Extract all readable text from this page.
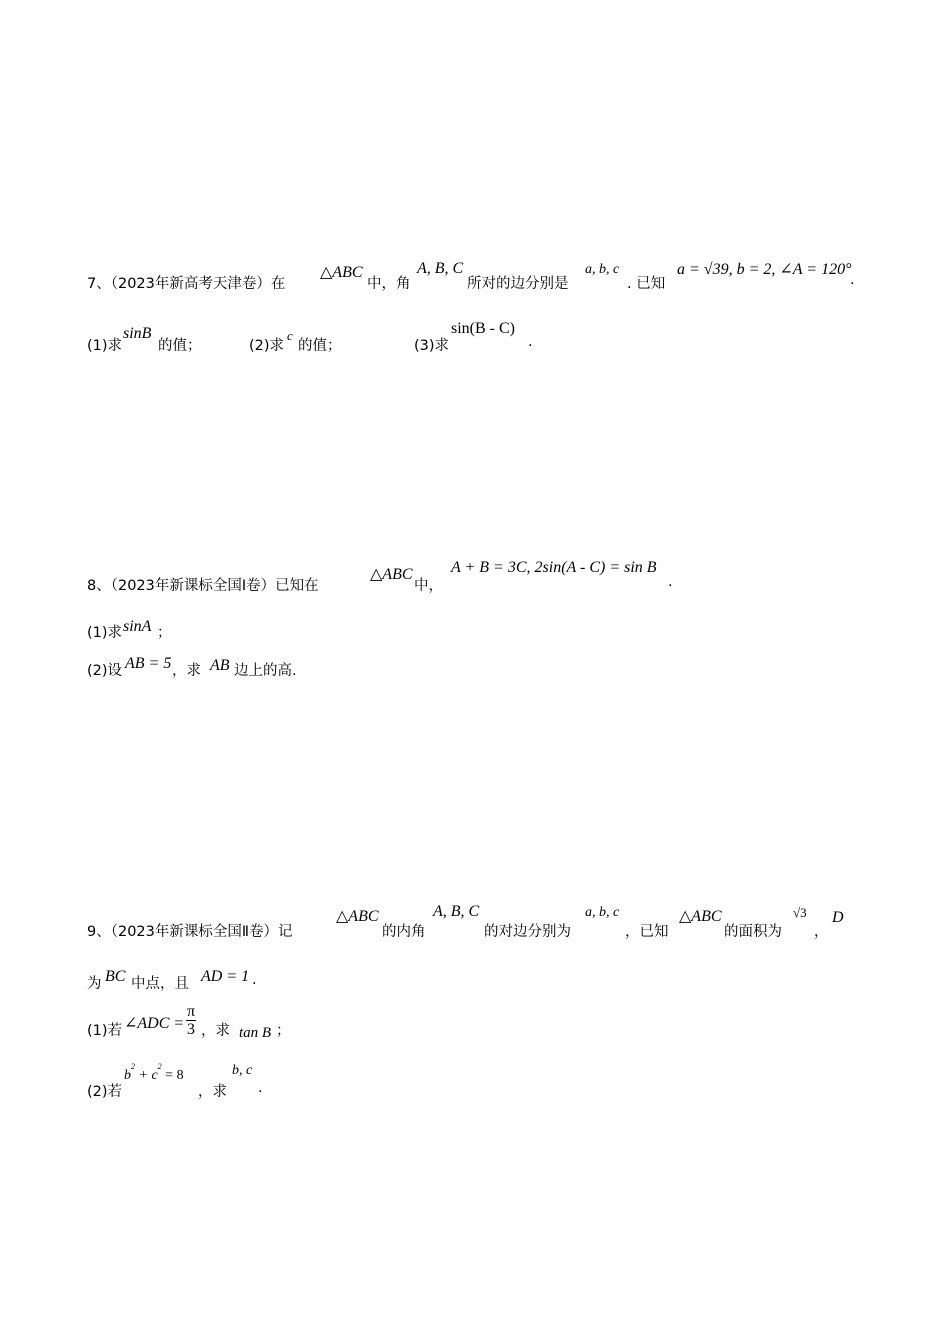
7、（2023年新高考天津卷）在
△ABC
中，角
A, B, C
所对的边分别是
a, b, c
. 已知
a = √39, b = 2, ∠A = 120°
.
(1)求
sinB
的值；	(2)求
c
的值；	(3)求
sin(B - C)
.
8、（2023年新课标全国Ⅰ卷）已知在
△ABC
中，
A + B = 3C, 2sin(A - C) = sin B
.
(1)求 sinA ；
(2)设 AB = 5 ，求 AB 边上的高.
9、（2023年新课标全国Ⅱ卷）记
△ABC
的内角
A, B, C
的对边分别为
a, b, c
，已知
△ABC
的面积为
√3
，
D
为 BC 中点，且 AD = 1 .
(1)若 ∠ADC = $\frac{\pi}{3}$ ，求 tan B ；
(2)若
$b^2 + c^2 = 8$
，求
b, c
.
